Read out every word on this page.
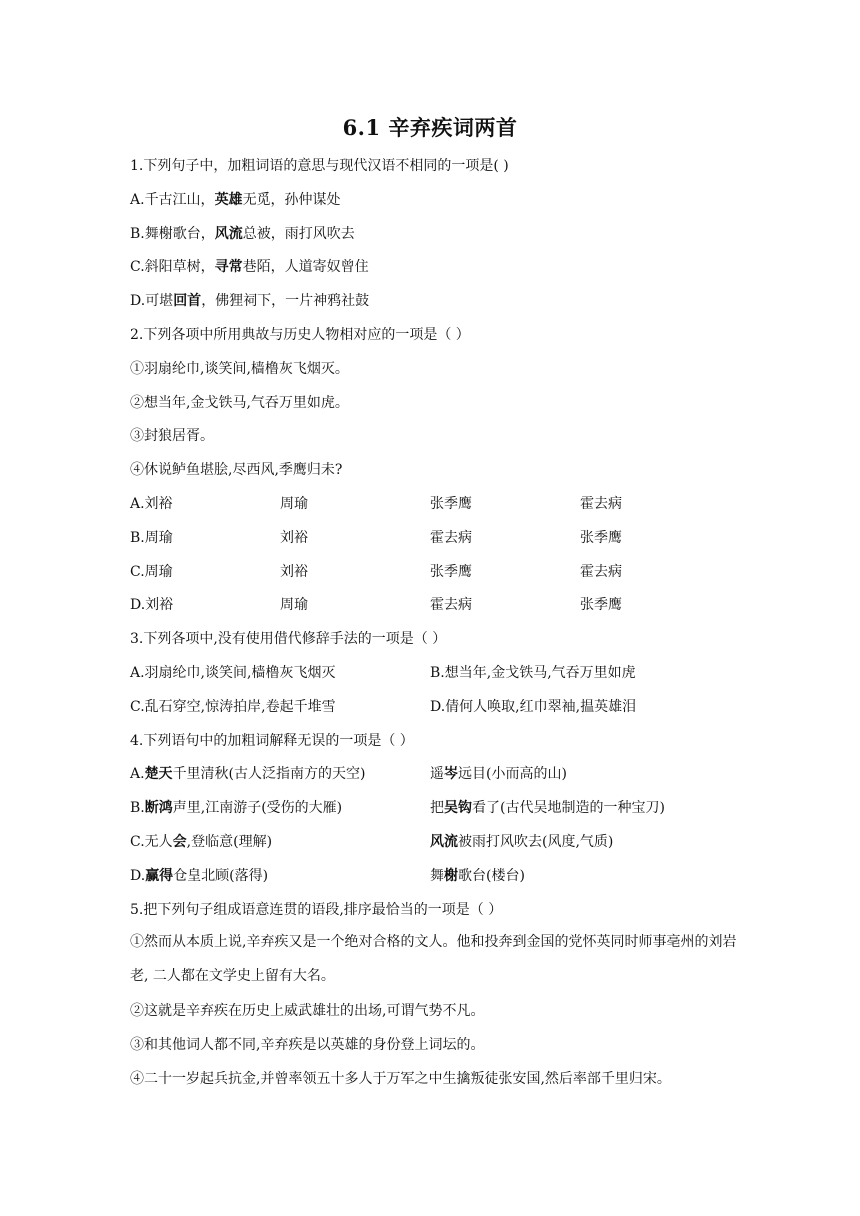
6.1 辛弃疾词两首
1.下列句子中，加粗词语的意思与现代汉语不相同的一项是( )
A.千古江山，英雄无觅，孙仲谋处
B.舞榭歌台，风流总被，雨打风吹去
C.斜阳草树，寻常巷陌，人道寄奴曾住
D.可堪回首，佛狸祠下，一片神鸦社鼓
2.下列各项中所用典故与历史人物相对应的一项是（ ）
①羽扇纶巾,谈笑间,樯橹灰飞烟灭。
②想当年,金戈铁马,气吞万里如虎。
③封狼居胥。
④休说鲈鱼堪脍,尽西风,季鹰归未?
A.刘裕	周瑜	张季鹰	霍去病
B.周瑜	刘裕	霍去病	张季鹰
C.周瑜	刘裕	张季鹰	霍去病
D.刘裕	周瑜	霍去病	张季鹰
3.下列各项中,没有使用借代修辞手法的一项是（ ）
A.羽扇纶巾,谈笑间,樯橹灰飞烟灭	B.想当年,金戈铁马,气吞万里如虎
C.乱石穿空,惊涛拍岸,卷起千堆雪	D.倩何人唤取,红巾翠袖,揾英雄泪
4.下列语句中的加粗词解释无误的一项是（ ）
A.楚天千里清秋(古人泛指南方的天空)	遥岑远目(小而高的山)
B.断鸿声里,江南游子(受伤的大雁)	把吴钩看了(古代吴地制造的一种宝刀)
C.无人会,登临意(理解)	风流被雨打风吹去(风度,气质)
D.赢得仓皇北顾(落得)	舞榭歌台(楼台)
5.把下列句子组成语意连贯的语段,排序最恰当的一项是（ ）
①然而从本质上说,辛弃疾又是一个绝对合格的文人。他和投奔到金国的党怀英同时师事亳州的刘岩老, 二人都在文学史上留有大名。
②这就是辛弃疾在历史上威武雄壮的出场,可谓气势不凡。
③和其他词人都不同,辛弃疾是以英雄的身份登上词坛的。
④二十一岁起兵抗金,并曾率领五十多人于万军之中生擒叛徒张安国,然后率部千里归宋。
